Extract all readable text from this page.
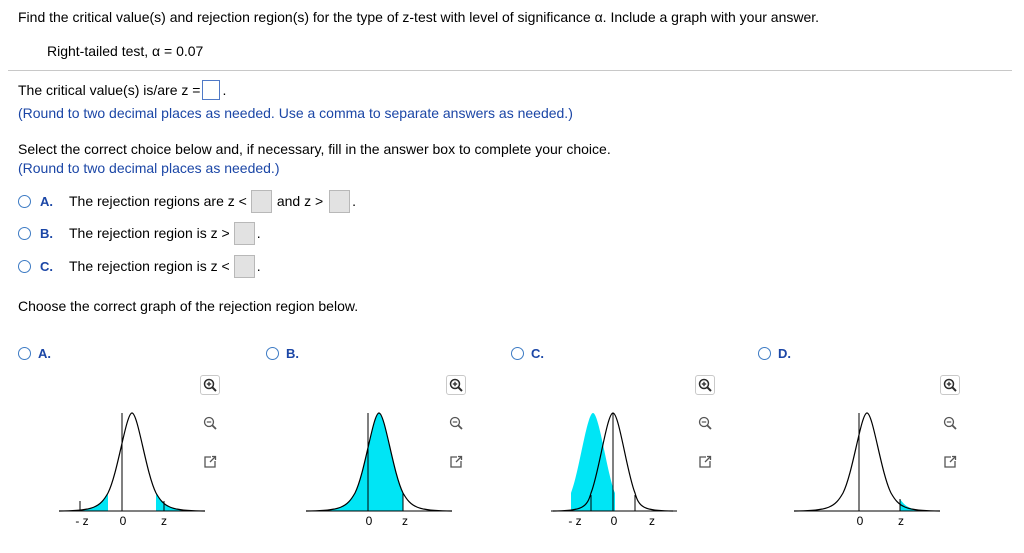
Find the critical value(s) and rejection region(s) for the type of z-test with level of significance α. Include a graph with your answer.
Right-tailed test, α = 0.07
The critical value(s) is/are z = .
(Round to two decimal places as needed. Use a comma to separate answers as needed.)
Select the correct choice below and, if necessary, fill in the answer box to complete your choice.
(Round to two decimal places as needed.)
A.	The rejection regions are z < and z > .
B.	The rejection region is z > .
C.	The rejection region is z < .
Choose the correct graph of the rejection region below.
A.
- z	0	z
B.
0	z
C.
- z	0	z
D.
0	z
